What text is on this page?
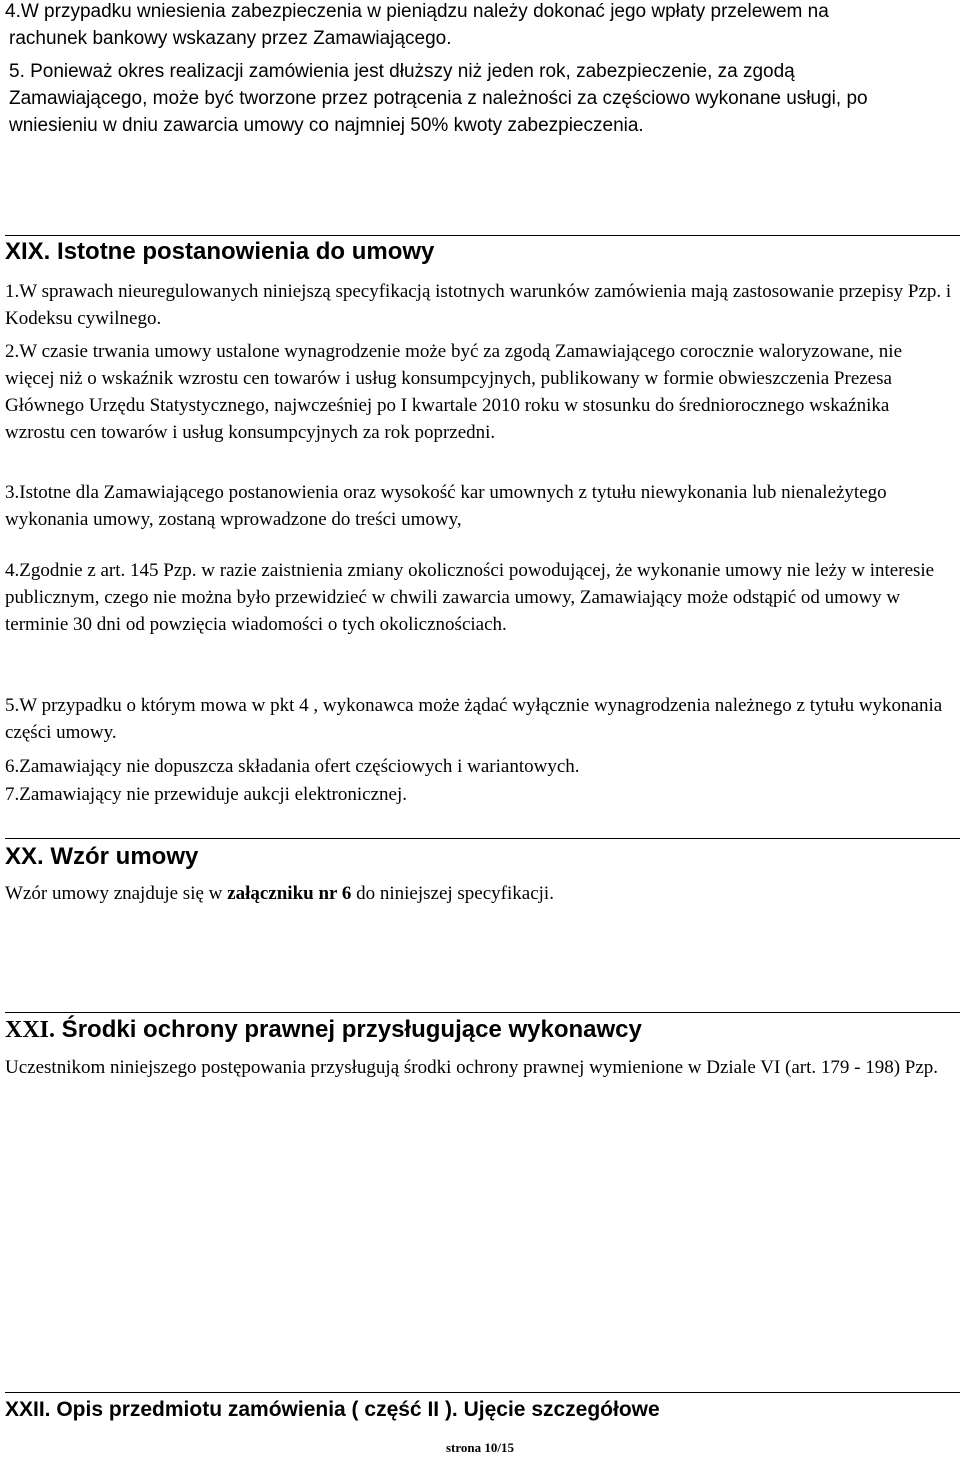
4.W przypadku wniesienia zabezpieczenia w pieniądzu należy dokonać jego wpłaty przelewem na
rachunek bankowy wskazany przez Zamawiającego.
5. Ponieważ okres realizacji zamówienia jest dłuższy niż jeden rok, zabezpieczenie, za zgodą
Zamawiającego, może być tworzone przez potrącenia z należności za częściowo wykonane usługi, po
wniesieniu w dniu zawarcia umowy co najmniej 50% kwoty zabezpieczenia.
XIX. Istotne postanowienia do umowy

1.W sprawach nieuregulowanych niniejszą specyfikacją istotnych warunków zamówienia mają zastosowanie przepisy Pzp. i Kodeksu cywilnego.

2.W czasie trwania umowy ustalone wynagrodzenie może być za zgodą Zamawiającego corocznie waloryzowane, nie więcej niż o wskaźnik wzrostu cen towarów i usług konsumpcyjnych, publikowany w formie obwieszczenia Prezesa Głównego Urzędu Statystycznego, najwcześniej po I kwartale 2010 roku w stosunku do średniorocznego wskaźnika wzrostu cen towarów i usług konsumpcyjnych za rok poprzedni.

3.Istotne dla Zamawiającego postanowienia oraz wysokość kar umownych z tytułu niewykonania lub nienależytego wykonania umowy, zostaną wprowadzone do treści umowy,

4.Zgodnie z art. 145 Pzp. w razie zaistnienia zmiany okoliczności powodującej, że wykonanie umowy nie leży w interesie publicznym, czego nie można było przewidzieć w chwili zawarcia umowy, Zamawiający może odstąpić od umowy w terminie 30 dni od powzięcia wiadomości o tych okolicznościach.

5.W przypadku o którym mowa w pkt 4 , wykonawca może żądać wyłącznie wynagrodzenia należnego z tytułu wykonania części umowy.

6.Zamawiający nie dopuszcza składania ofert częściowych i wariantowych.

7.Zamawiający nie przewiduje aukcji elektronicznej.

XX. Wzór umowy

Wzór umowy znajduje się w załączniku nr 6 do niniejszej specyfikacji.

XXI. Środki ochrony prawnej przysługujące wykonawcy

Uczestnikom niniejszego postępowania przysługują środki ochrony prawnej wymienione w Dziale VI (art. 179 - 198) Pzp.

XXII. Opis przedmiotu zamówienia ( część II ). Ujęcie szczegółowe
strona 10/15
